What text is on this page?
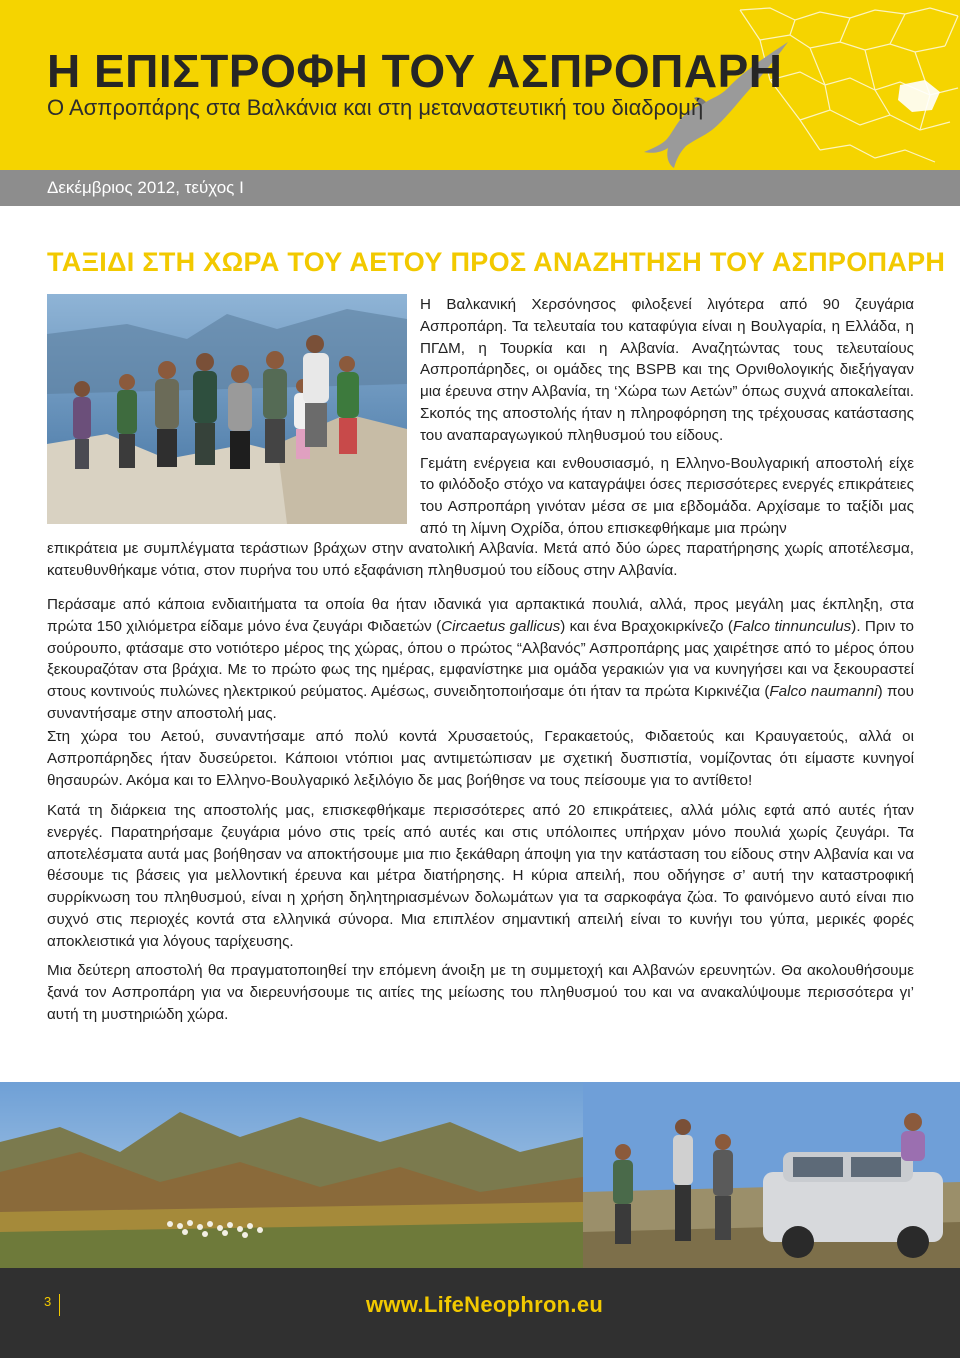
Η ΕΠΙΣΤΡΟΦΗ ΤΟΥ ΑΣΠΡΟΠΑΡΗ
Ο Ασπροπάρης στα Βαλκάνια και στη μεταναστευτική του διαδρομή
Δεκέμβριος 2012, τεύχος I
ΤΑΞΙΔΙ ΣΤΗ ΧΩΡΑ ΤΟΥ ΑΕΤΟΥ ΠΡΟΣ ΑΝΑΖΗΤΗΣΗ ΤΟΥ ΑΣΠΡΟΠΑΡΗ

Η Βαλκανική Χερσόνησος φιλοξενεί λιγότερα από 90 ζευγάρια Ασπροπάρη. Τα τελευταία του καταφύγια είναι η Βουλγαρία, η Ελλάδα, η ΠΓΔΜ, η Τουρκία και η Αλβανία. Αναζητώντας τους τελευταίους Ασπροπάρηδες, οι ομάδες της BSPB και της Ορνιθολογικής διεξήγαγαν μια έρευνα στην Αλβανία, τη ‘Χώρα των Αετών” όπως συχνά αποκαλείται. Σκοπός της αποστολής ήταν η πληροφόρηση της τρέχουσας κατάστασης του αναπαραγωγικού πληθυσμού του είδους.

Γεμάτη ενέργεια και ενθουσιασμό, η Ελληνο-Βουλγαρική αποστολή είχε το φιλόδοξο στόχο να καταγράψει όσες περισσότερες ενεργές επικράτειες του Ασπροπάρη γινόταν μέσα σε μια εβδομάδα. Αρχίσαμε το ταξίδι μας από τη λίμνη Οχρίδα, όπου επισκεφθήκαμε μια πρώην

επικράτεια με συμπλέγματα τεράστιων βράχων στην ανατολική Αλβανία. Μετά από δύο ώρες παρατήρησης χωρίς αποτέλεσμα, κατευθυνθήκαμε νότια, στον πυρήνα του υπό εξαφάνιση πληθυσμού του είδους στην Αλβανία.
Περάσαμε από κάποια ενδιαιτήματα τα οποία θα ήταν ιδανικά για αρπακτικά πουλιά, αλλά, προς μεγάλη μας έκπληξη, στα πρώτα 150 χιλιόμετρα είδαμε μόνο ένα ζευγάρι Φιδαετών (Circaetus gallicus) και ένα Βραχοκιρκίνεζο (Falco tinnunculus). Πριν το σούρουπο, φτάσαμε στο νοτιότερο μέρος της χώρας, όπου ο πρώτος “Αλβανός” Ασπροπάρης μας χαιρέτησε από το μέρος όπου ξεκουραζόταν στα βράχια. Με το πρώτο φως της ημέρας, εμφανίστηκε μια ομάδα γερακιών για να κυνηγήσει και να ξεκουραστεί στους κοντινούς πυλώνες ηλεκτρικού ρεύματος. Αμέσως, συνειδητοποιήσαμε ότι ήταν τα πρώτα Κιρκινέζια (Falco naumanni) που συναντήσαμε στην αποστολή μας.
Στη χώρα του Αετού, συναντήσαμε από πολύ κοντά Χρυσαετούς, Γερακαετούς, Φιδαετούς και Κραυγαετούς, αλλά οι Ασπροπάρηδες ήταν δυσεύρετοι. Κάποιοι ντόπιοι μας αντιμετώπισαν με σχετική δυσπιστία, νομίζοντας ότι είμαστε κυνηγοί θησαυρών. Ακόμα και το Ελληνο-Βουλγαρικό λεξιλόγιο δε μας βοήθησε να τους πείσουμε για το αντίθετο!
Κατά τη διάρκεια της αποστολής μας, επισκεφθήκαμε περισσότερες από 20 επικράτειες, αλλά μόλις εφτά από αυτές ήταν ενεργές. Παρατηρήσαμε ζευγάρια μόνο στις τρείς από αυτές και στις υπόλοιπες υπήρχαν μόνο πουλιά χωρίς ζευγάρι. Τα αποτελέσματα αυτά μας βοήθησαν να αποκτήσουμε μια πιο ξεκάθαρη άποψη για την κατάσταση του είδους στην Αλβανία και να θέσουμε τις βάσεις για μελλοντική έρευνα και μέτρα διατήρησης. Η κύρια απειλή, που οδήγησε σ’ αυτή την καταστροφική συρρίκνωση του πληθυσμού, είναι η χρήση δηλητηριασμένων δολωμάτων για τα σαρκοφάγα ζώα. Το φαινόμενο αυτό είναι πιο συχνό στις περιοχές κοντά στα ελληνικά σύνορα. Μια επιπλέον σημαντική απειλή είναι το κυνήγι του γύπα, μερικές φορές αποκλειστικά για λόγους ταρίχευσης.
Μια δεύτερη αποστολή θα πραγματοποιηθεί την επόμενη άνοιξη με τη συμμετοχή και Αλβανών ερευνητών. Θα ακολουθήσουμε ξανά τον Ασπροπάρη για να διερευνήσουμε τις αιτίες της μείωσης του πληθυσμού του και να ανακαλύψουμε περισσότερα γι’ αυτή τη μυστηριώδη χώρα.
3	www.LifeNeophron.eu
